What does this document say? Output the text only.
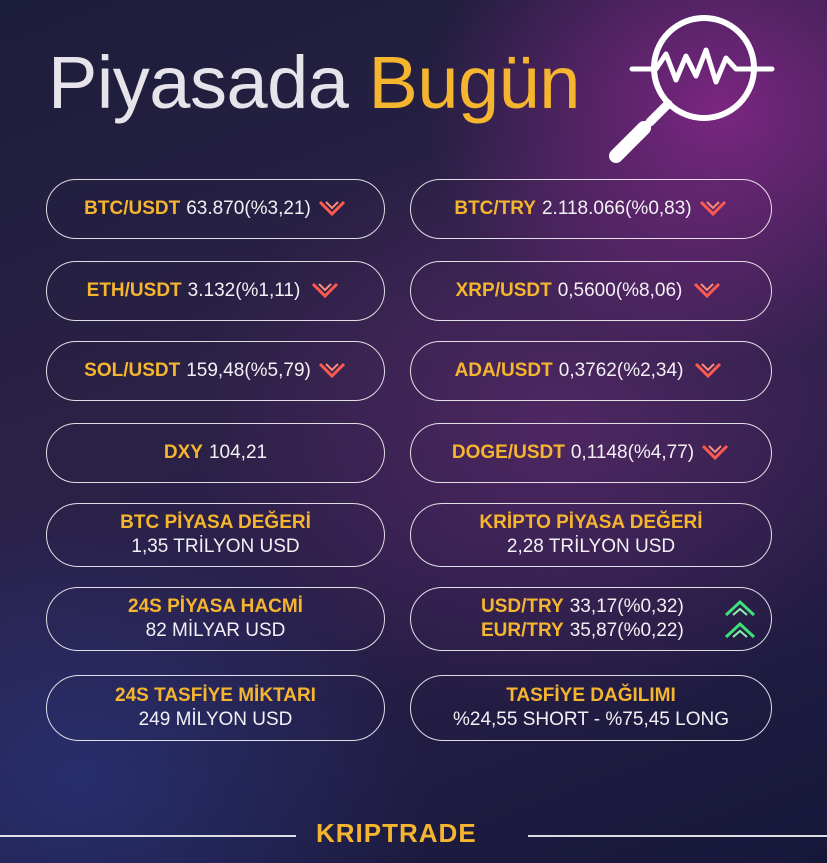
Piyasada Bugün
BTC/USDT 63.870(%3,21)	BTC/TRY 2.118.066(%0,83)
ETH/USDT 3.132(%1,11)	XRP/USDT 0,5600(%8,06)
SOL/USDT 159,48(%5,79)	ADA/USDT 0,3762(%2,34)
DXY 104,21	DOGE/USDT 0,1148(%4,77)
BTC PİYASA DEĞERİ
1,35 TRİLYON USD
KRİPTO PİYASA DEĞERİ
2,28 TRİLYON USD
24S PİYASA HACMİ
82 MİLYAR USD
USD/TRY 33,17(%0,32)
EUR/TRY 35,87(%0,22)
24S TASFİYE MİKTARI
249 MİLYON USD
TASFİYE DAĞILIMI
%24,55 SHORT - %75,45 LONG

KRIPTRADE
